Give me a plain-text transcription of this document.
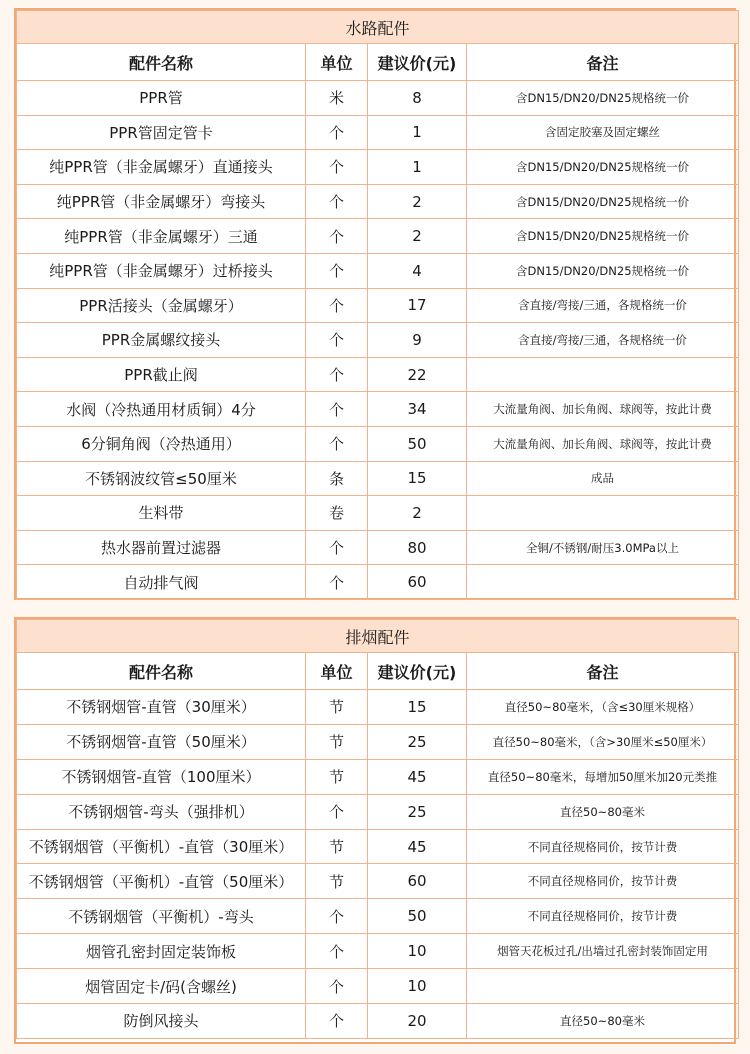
水路配件			
配件名称	单位	建议价(元)	备注
PPR管	米	8	含DN15/DN20/DN25规格统一价
PPR管固定管卡	个	1	含固定胶塞及固定螺丝
纯PPR管（非金属螺牙）直通接头	个	1	含DN15/DN20/DN25规格统一价
纯PPR管（非金属螺牙）弯接头	个	2	含DN15/DN20/DN25规格统一价
纯PPR管（非金属螺牙）三通	个	2	含DN15/DN20/DN25规格统一价
纯PPR管（非金属螺牙）过桥接头	个	4	含DN15/DN20/DN25规格统一价
PPR活接头（金属螺牙）	个	17	含直接/弯接/三通，各规格统一价
PPR金属螺纹接头	个	9	含直接/弯接/三通，各规格统一价
PPR截止阀	个	22	
水阀（冷热通用材质铜）4分	个	34	大流量角阀、加长角阀、球阀等，按此计费
6分铜角阀（冷热通用）	个	50	大流量角阀、加长角阀、球阀等，按此计费
不锈钢波纹管≤50厘米	条	15	成品
生料带	卷	2	
热水器前置过滤器	个	80	全铜/不锈钢/耐压3.0MPa以上
自动排气阀	个	60	
排烟配件			
配件名称	单位	建议价(元)	备注
不锈钢烟管-直管（30厘米）	节	15	直径50~80毫米，（含≤30厘米规格）
不锈钢烟管-直管（50厘米）	节	25	直径50~80毫米，（含>30厘米≤50厘米）
不锈钢烟管-直管（100厘米）	节	45	直径50~80毫米，每增加50厘米加20元类推
不锈钢烟管-弯头（强排机）	个	25	直径50~80毫米
不锈钢烟管（平衡机）-直管（30厘米）	节	45	不同直径规格同价，按节计费
不锈钢烟管（平衡机）-直管（50厘米）	节	60	不同直径规格同价，按节计费
不锈钢烟管（平衡机）-弯头	个	50	不同直径规格同价，按节计费
烟管孔密封固定装饰板	个	10	烟管天花板过孔/出墙过孔密封装饰固定用
烟管固定卡/码(含螺丝)	个	10	
防倒风接头	个	20	直径50~80毫米
